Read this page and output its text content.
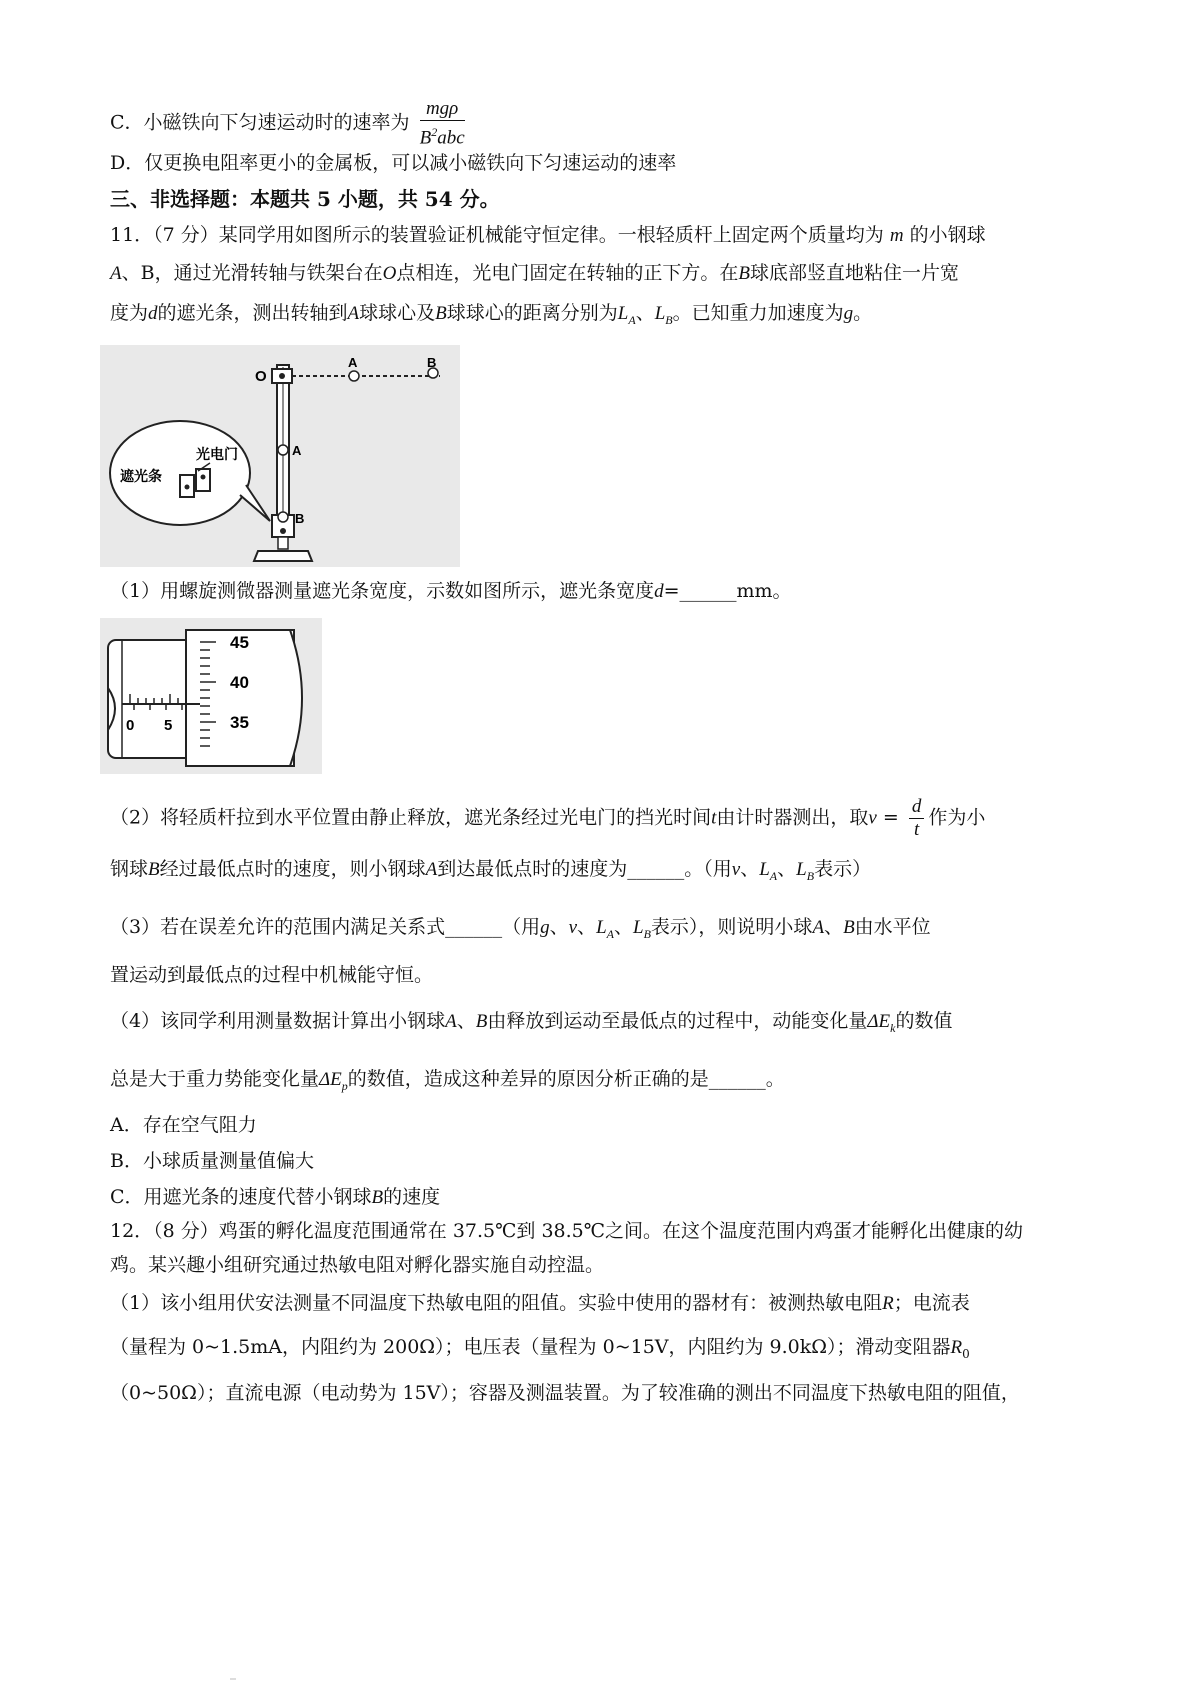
C．小磁铁向下匀速运动时的速率为 $\frac{\text{mgρ}}{B^2abc}$
D．仅更换电阻率更小的金属板，可以减小磁铁向下匀速运动的速率
三、非选择题：本题共 5 小题，共 54 分。
11．（7 分）某同学用如图所示的装置验证机械能守恒定律。一根轻质杆上固定两个质量均为 m 的小钢球
A、B，通过光滑转轴与铁架台在O点相连，光电门固定在转轴的正下方。在B球底部竖直地粘住一片宽
度为d的遮光条，测出转轴到A球球心及B球球心的距离分别为$L_A$、$L_B$。已知重力加速度为g。
O
A	B
A
B
光电门
遮光条
（1）用螺旋测微器测量遮光条宽度，示数如图所示，遮光条宽度d=______mm。
0 5
45
40
35
（2）将轻质杆拉到水平位置由静止释放，遮光条经过光电门的挡光时间t由计时器测出，取$v = \frac{d}{t}$ 作为小
钢球B经过最低点时的速度，则小钢球A到达最低点时的速度为______。（用v、$L_A$、$L_B$表示）
（3）若在误差允许的范围内满足关系式______（用g、v、$L_A$、$L_B$表示），则说明小球A、B由水平位
置运动到最低点的过程中机械能守恒。
（4）该同学利用测量数据计算出小钢球A、B由释放到运动至最低点的过程中，动能变化量$\Delta E_k$的数值
总是大于重力势能变化量$\Delta E_p$的数值，造成这种差异的原因分析正确的是______。
A．存在空气阻力
B．小球质量测量值偏大
C．用遮光条的速度代替小钢球B的速度
12．（8 分）鸡蛋的孵化温度范围通常在 37.5℃到 38.5℃之间。在这个温度范围内鸡蛋才能孵化出健康的幼
鸡。某兴趣小组研究通过热敏电阻对孵化器实施自动控温。
（1）该小组用伏安法测量不同温度下热敏电阻的阻值。实验中使用的器材有：被测热敏电阻R；电流表
（量程为 0~1.5mA，内阻约为 200Ω）；电压表（量程为 0~15V，内阻约为 9.0kΩ）；滑动变阻器$R_0$
（0~50Ω）；直流电源（电动势为 15V）；容器及测温装置。为了较准确的测出不同温度下热敏电阻的阻值，
